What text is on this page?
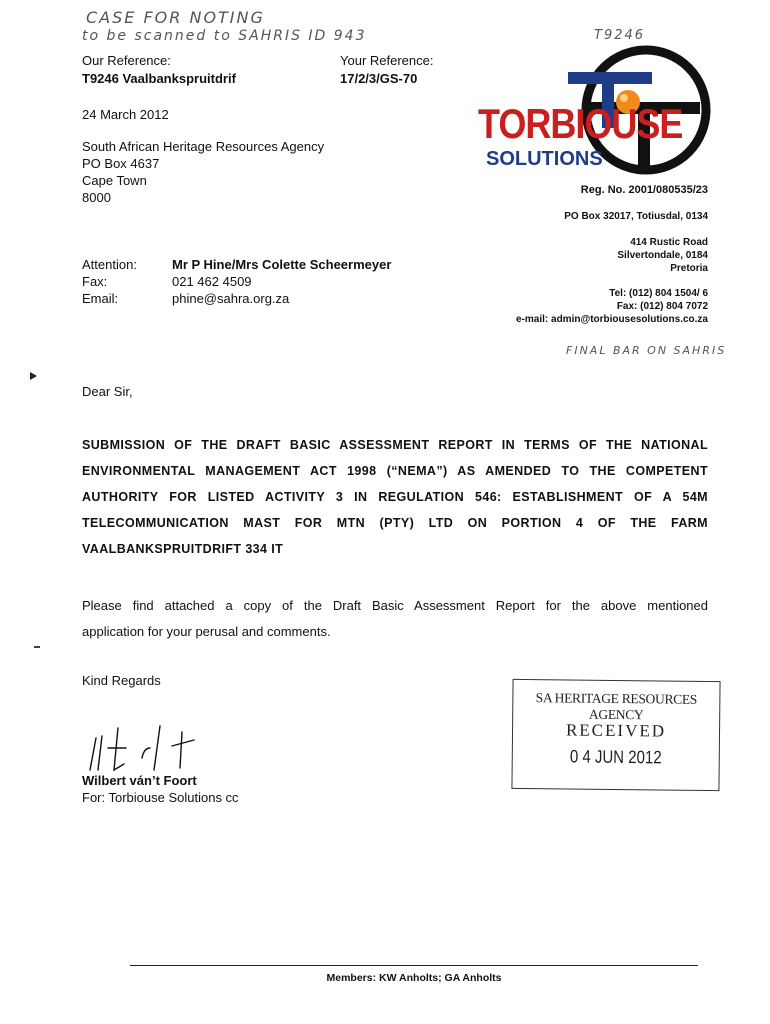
CASE FOR NOTING
to be scanned to SAHRIS ID 943	T9246
FINAL BAR ON SAHRIS
Our Reference:
T9246 Vaalbankspruitdrif
Your Reference:
17/2/3/GS-70
24 March 2012
South African Heritage Resources Agency
PO Box 4637
Cape Town
8000
Attention:	Mr P Hine/Mrs Colette Scheermeyer
Fax:	021 462 4509
Email:	phine@sahra.org.za
TORBIOUSE
SOLUTIONS
Reg. No. 2001/080535/23
PO Box 32017, Totiusdal, 0134
414 Rustic Road
Silvertondale, 0184
Pretoria
Tel: (012) 804 1504/ 6
Fax: (012) 804 7072
e-mail: admin@torbiousesolutions.co.za
Dear Sir,
SUBMISSION OF THE DRAFT BASIC ASSESSMENT REPORT IN TERMS OF THE NATIONAL
ENVIRONMENTAL MANAGEMENT ACT 1998 (“NEMA”) AS AMENDED TO THE COMPETENT
AUTHORITY FOR LISTED ACTIVITY 3 IN REGULATION 546: ESTABLISHMENT OF A 54M
TELECOMMUNICATION MAST FOR MTN (PTY) LTD ON PORTION 4 OF THE FARM
VAALBANKSPRUITDRIFT 334 IT
Please find attached a copy of the Draft Basic Assessment Report for the above mentioned
application for your perusal and comments.
Kind Regards
Wilbert ván’t Foort
For: Torbiouse Solutions cc
SA HERITAGE RESOURCES AGENCY
RECEIVED
0 4 JUN 2012
Members: KW Anholts; GA Anholts
